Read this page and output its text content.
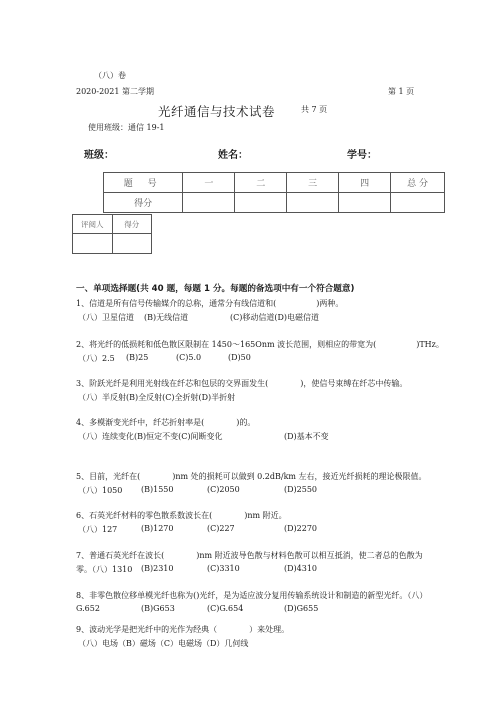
（八）卷
2020-2021 第二学期	第 1 页
光纤通信与技术试卷	共 7 页
使用班级：通信 19-1
班级：	姓名：	学号：
题 号	一	二	三	四	总 分
得分					
评阅人	得分

一、单项选择题(共 40 题，每题 1 分。每题的备选项中有一个符合题意)
1、信道是所有信号传输媒介的总称，通常分有线信道和(　　　　　)两种。
（八）卫星信道 (B)无线信道	(C)移动信道(D)电磁信道
2、将光纤的低损耗和低色散区限制在 1450～165Onm 波长范围，则相应的带宽为(　　　　　)THz。
（八）2.5 (B)25	(C)5.0	(D)50
3、阶跃光纤是利用光射线在纤芯和包层的交界面发生(　　　　)，使信号束缚在纤芯中传输。
（八）半反射(B)全反射(C)全折射(D)半折射
4、多模渐变光纤中，纤芯折射率是(　　　　)的。
（八）连续变化(B)恒定不变(C)间断变化	(D)基本不变
5、目前，光纤在(　　　　)nm 处的损耗可以做到 0.2dB/km 左右，接近光纤损耗的理论极限值。
（八）1050 (B)1550	(C)2050	(D)2550
6、石英光纤材料的零色散系数波长在(　　　　)nm 附近。
（八）127	(B)1270	(C)227	(D)2270
7、普通石英光纤在波长(　　　　)nm 附近波导色散与材料色散可以相互抵消，使二者总的色散为
零。（八）1310 (B)2310	(C)3310	(D)4310
8、非零色散位移单模光纤也称为()光纤，是为适应波分复用传输系统设计和制造的新型光纤。（八）
G.652	(B)G653	(C)G.654	(D)G655
9、波动光学是把光纤中的光作为经典（　　　　）来处理。
（八）电场（B）磁场（C）电磁场（D）几何线
